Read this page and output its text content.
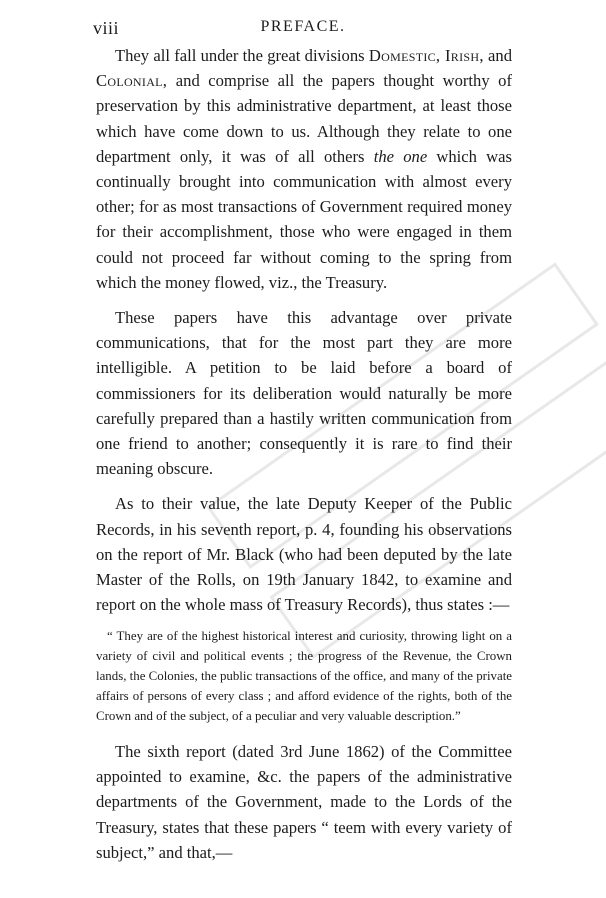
viii	PREFACE.

They all fall under the great divisions Domestic, Irish, and Colonial, and comprise all the papers thought worthy of preservation by this administrative department, at least those which have come down to us. Although they relate to one department only, it was of all others the one which was continually brought into communication with almost every other; for as most transactions of Government required money for their accomplishment, those who were engaged in them could not proceed far without coming to the spring from which the money flowed, viz., the Treasury.

These papers have this advantage over private communications, that for the most part they are more intelligible. A petition to be laid before a board of commissioners for its deliberation would naturally be more carefully prepared than a hastily written communication from one friend to another; consequently it is rare to find their meaning obscure.

As to their value, the late Deputy Keeper of the Public Records, in his seventh report, p. 4, founding his observations on the report of Mr. Black (who had been deputed by the late Master of the Rolls, on 19th January 1842, to examine and report on the whole mass of Treasury Records), thus states :—

“ They are of the highest historical interest and curiosity, throwing light on a variety of civil and political events ; the progress of the Revenue, the Crown lands, the Colonies, the public transactions of the office, and many of the private affairs of persons of every class ; and afford evidence of the rights, both of the Crown and of the subject, of a peculiar and very valuable description.”

The sixth report (dated 3rd June 1862) of the Committee appointed to examine, &c. the papers of the administrative departments of the Government, made to the Lords of the Treasury, states that these papers “ teem with every variety of subject,” and that,—
